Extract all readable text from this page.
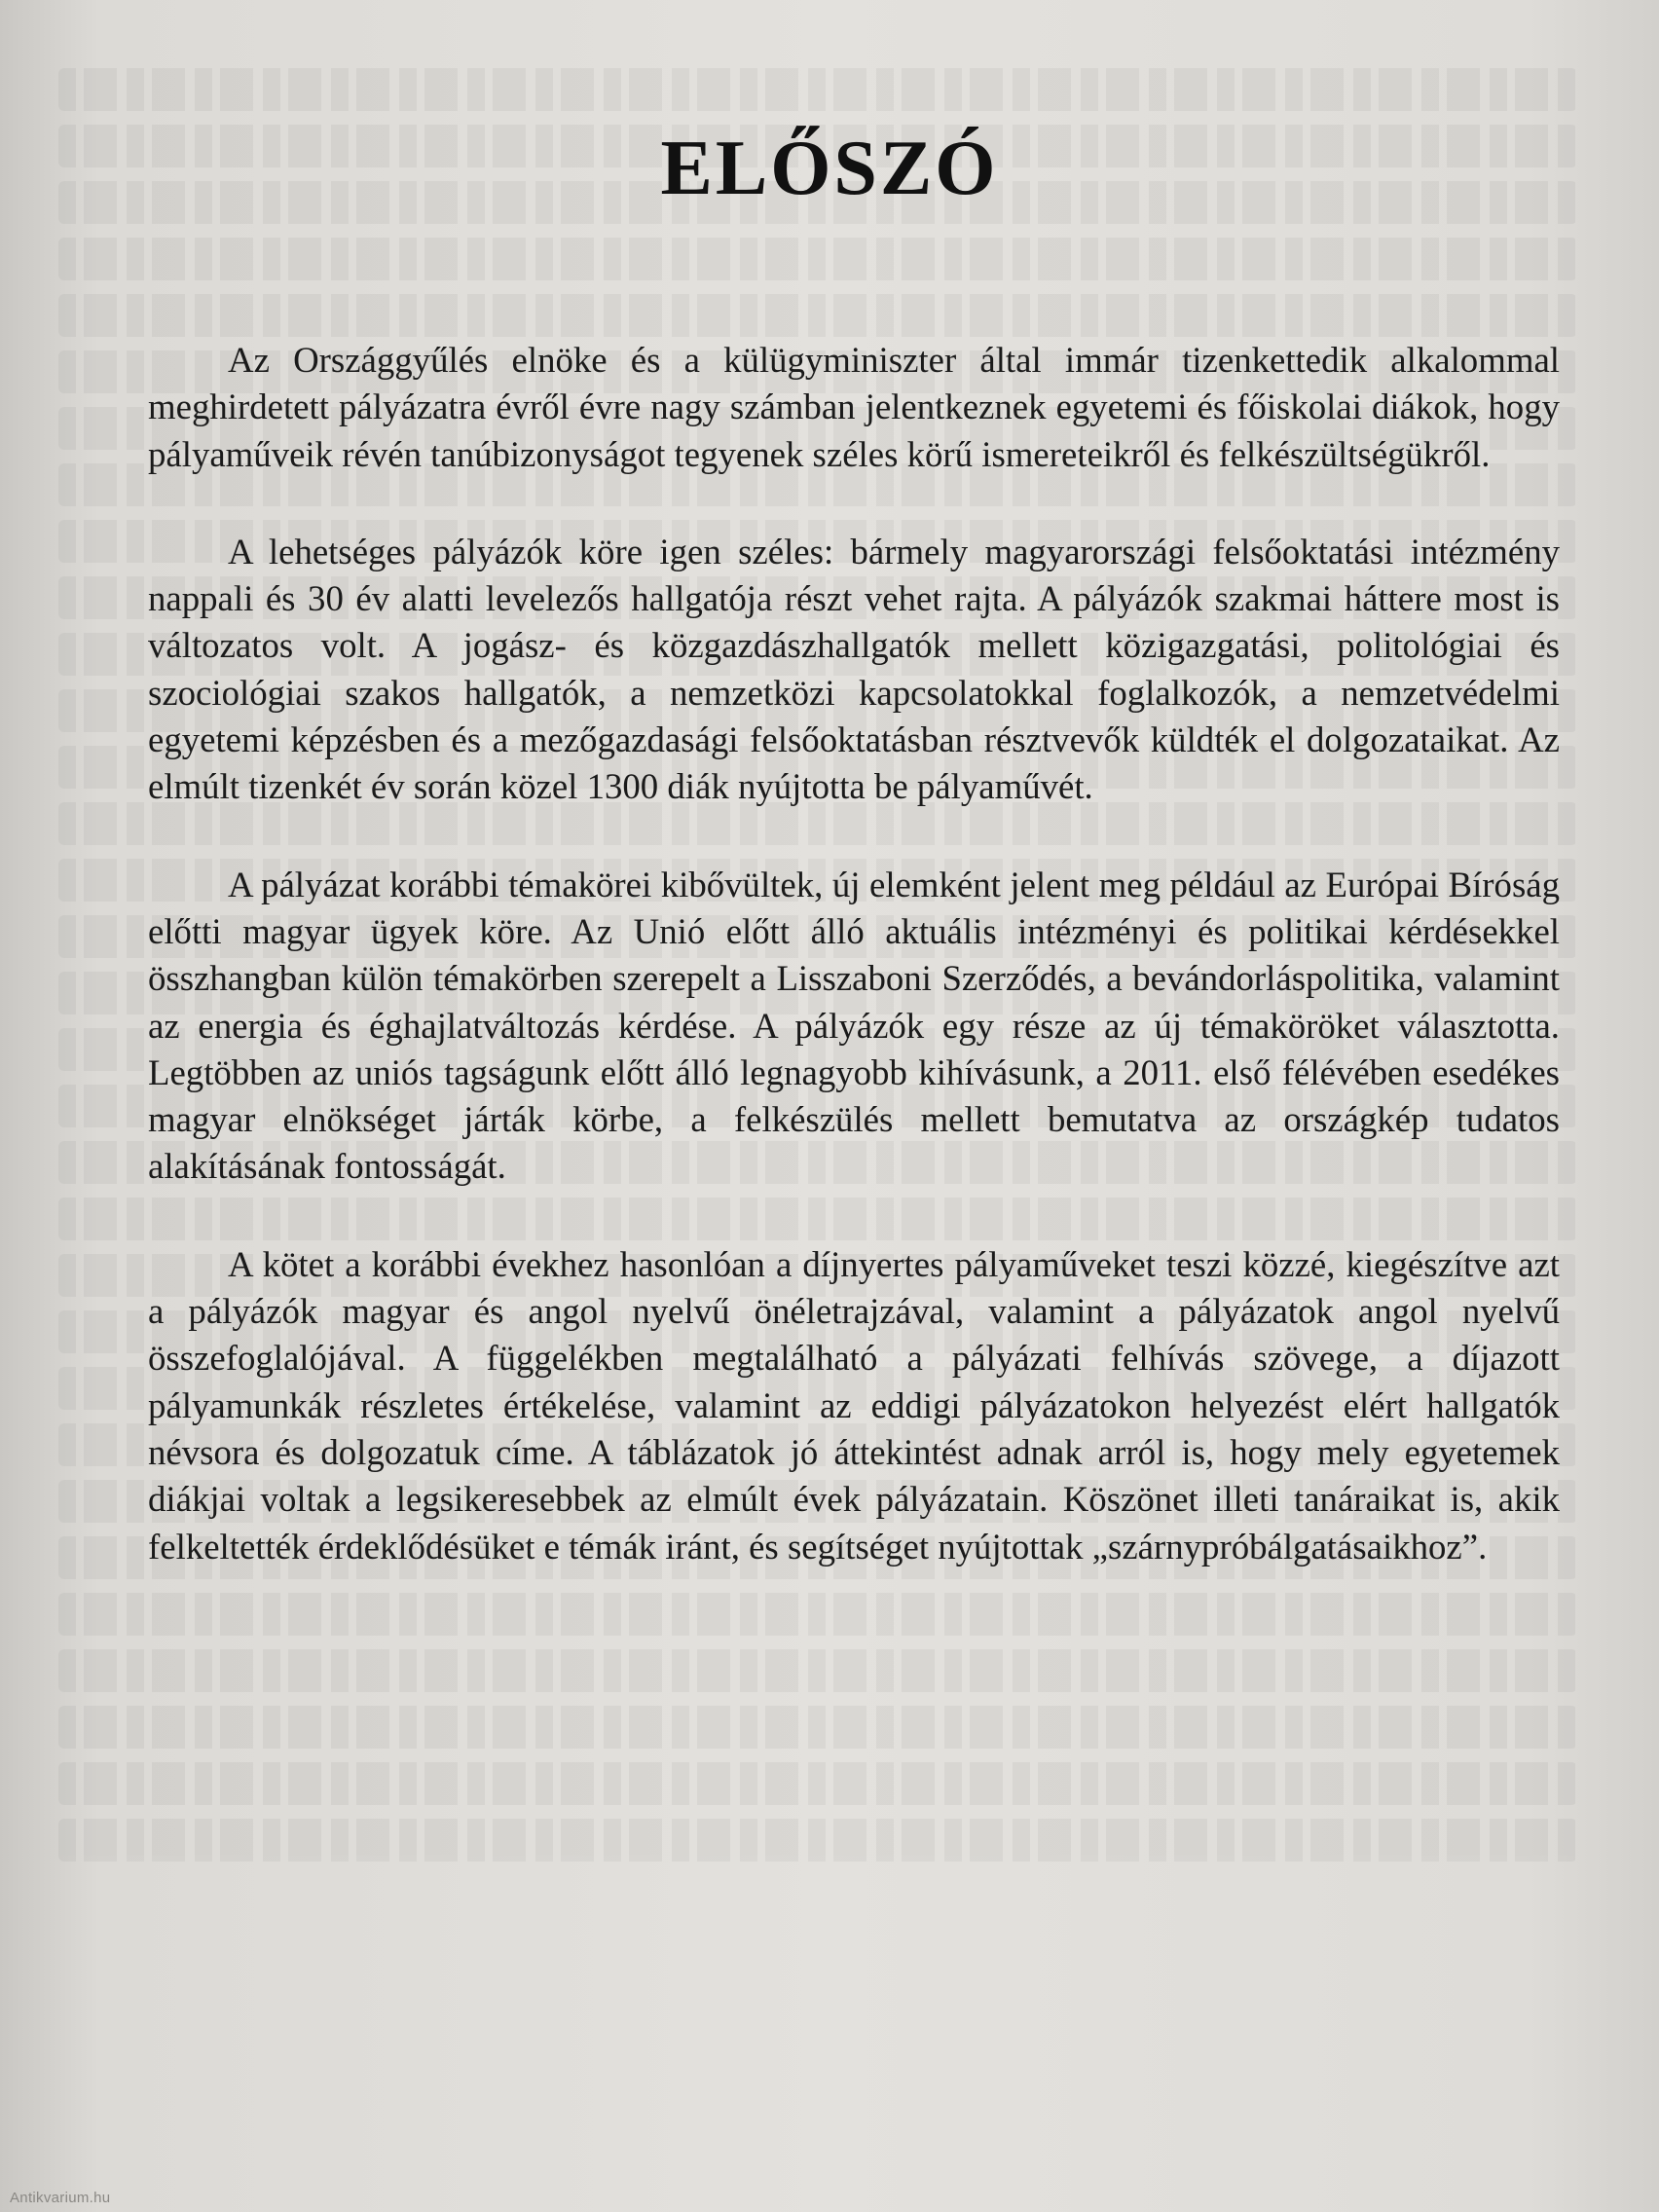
ELŐSZÓ

Az Országgyűlés elnöke és a külügyminiszter által immár tizenkettedik alkalommal meghirdetett pályázatra évről évre nagy számban jelentkeznek egyetemi és főiskolai diákok, hogy pályaműveik révén tanúbizonyságot tegyenek széles körű ismereteikről és felkészültségükről.

A lehetséges pályázók köre igen széles: bármely magyarországi felsőoktatási intézmény nappali és 30 év alatti levelezős hallgatója részt vehet rajta. A pályázók szakmai háttere most is változatos volt. A jogász- és közgazdászhallgatók mellett közigazgatási, politológiai és szociológiai szakos hallgatók, a nemzetközi kapcsolatokkal foglalkozók, a nemzetvédelmi egyetemi képzésben és a mezőgazdasági felsőoktatásban résztvevők küldték el dolgozataikat. Az elmúlt tizenkét év során közel 1300 diák nyújtotta be pályaművét.

A pályázat korábbi témakörei kibővültek, új elemként jelent meg például az Európai Bíróság előtti magyar ügyek köre. Az Unió előtt álló aktuális intézményi és politikai kérdésekkel összhangban külön témakörben szerepelt a Lisszaboni Szerződés, a bevándorláspolitika, valamint az energia és éghajlatváltozás kérdése. A pályázók egy része az új témaköröket választotta. Legtöbben az uniós tagságunk előtt álló legnagyobb kihívásunk, a 2011. első félévében esedékes magyar elnökséget járták körbe, a felkészülés mellett bemutatva az országkép tudatos alakításának fontosságát.

A kötet a korábbi évekhez hasonlóan a díjnyertes pályaműveket teszi közzé, kiegészítve azt a pályázók magyar és angol nyelvű önéletrajzával, valamint a pályázatok angol nyelvű összefoglalójával. A függelékben megtalálható a pályázati felhívás szövege, a díjazott pályamunkák részletes értékelése, valamint az eddigi pályázatokon helyezést elért hallgatók névsora és dolgozatuk címe. A táblázatok jó áttekintést adnak arról is, hogy mely egyetemek diákjai voltak a legsikeresebbek az elmúlt évek pályázatain. Köszönet illeti tanáraikat is, akik felkeltették érdeklődésüket e témák iránt, és segítséget nyújtottak „szárnypróbálgatásaikhoz”.

Antikvarium.hu
